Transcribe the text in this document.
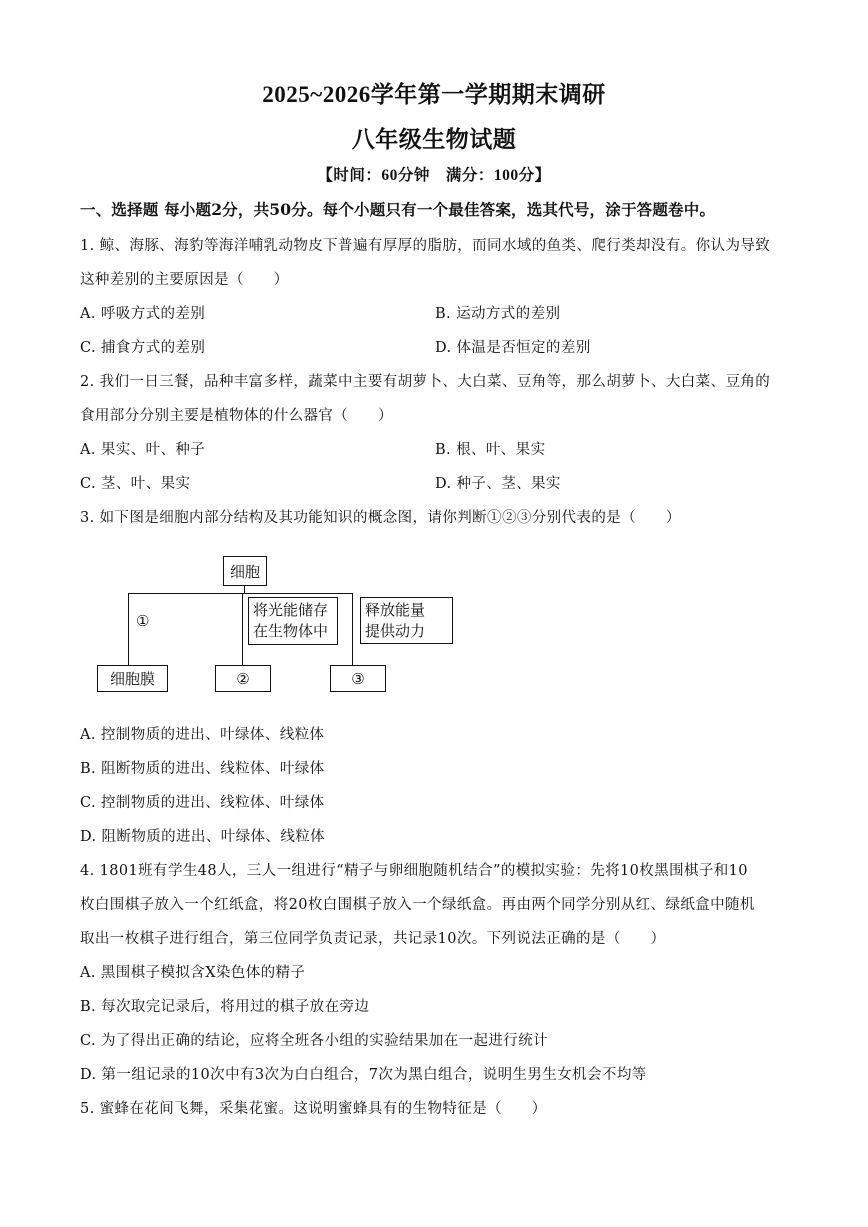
2025~2026学年第一学期期末调研
八年级生物试题
【时间：60分钟　满分：100分】
一、选择题 每小题2分，共50分。每个小题只有一个最佳答案，选其代号，涂于答题卷中。
1. 鲸、海豚、海豹等海洋哺乳动物皮下普遍有厚厚的脂肪，而同水域的鱼类、爬行类却没有。你认为导致
这种差别的主要原因是（　　）
A. 呼吸方式的差别	B. 运动方式的差别
C. 捕食方式的差别	D. 体温是否恒定的差别
2. 我们一日三餐，品种丰富多样，蔬菜中主要有胡萝卜、大白菜、豆角等，那么胡萝卜、大白菜、豆角的
食用部分分别主要是植物体的什么器官（　　）
A. 果实、叶、种子	B. 根、叶、果实
C. 茎、叶、果实	D. 种子、茎、果实
3. 如下图是细胞内部分结构及其功能知识的概念图，请你判断①②③分别代表的是（　　）
细胞
①
将光能储存
在生物体中
释放能量
提供动力
细胞膜	②	③
A. 控制物质的进出、叶绿体、线粒体
B. 阻断物质的进出、线粒体、叶绿体
C. 控制物质的进出、线粒体、叶绿体
D. 阻断物质的进出、叶绿体、线粒体
4. 1801班有学生48人，三人一组进行“精子与卵细胞随机结合”的模拟实验：先将10枚黑围棋子和10
枚白围棋子放入一个红纸盒，将20枚白围棋子放入一个绿纸盒。再由两个同学分别从红、绿纸盒中随机
取出一枚棋子进行组合，第三位同学负责记录，共记录10次。下列说法正确的是（　　）
A. 黑围棋子模拟含X染色体的精子
B. 每次取完记录后，将用过的棋子放在旁边
C. 为了得出正确的结论，应将全班各小组的实验结果加在一起进行统计
D. 第一组记录的10次中有3次为白白组合，7次为黑白组合，说明生男生女机会不均等
5. 蜜蜂在花间飞舞，采集花蜜。这说明蜜蜂具有的生物特征是（　　）
